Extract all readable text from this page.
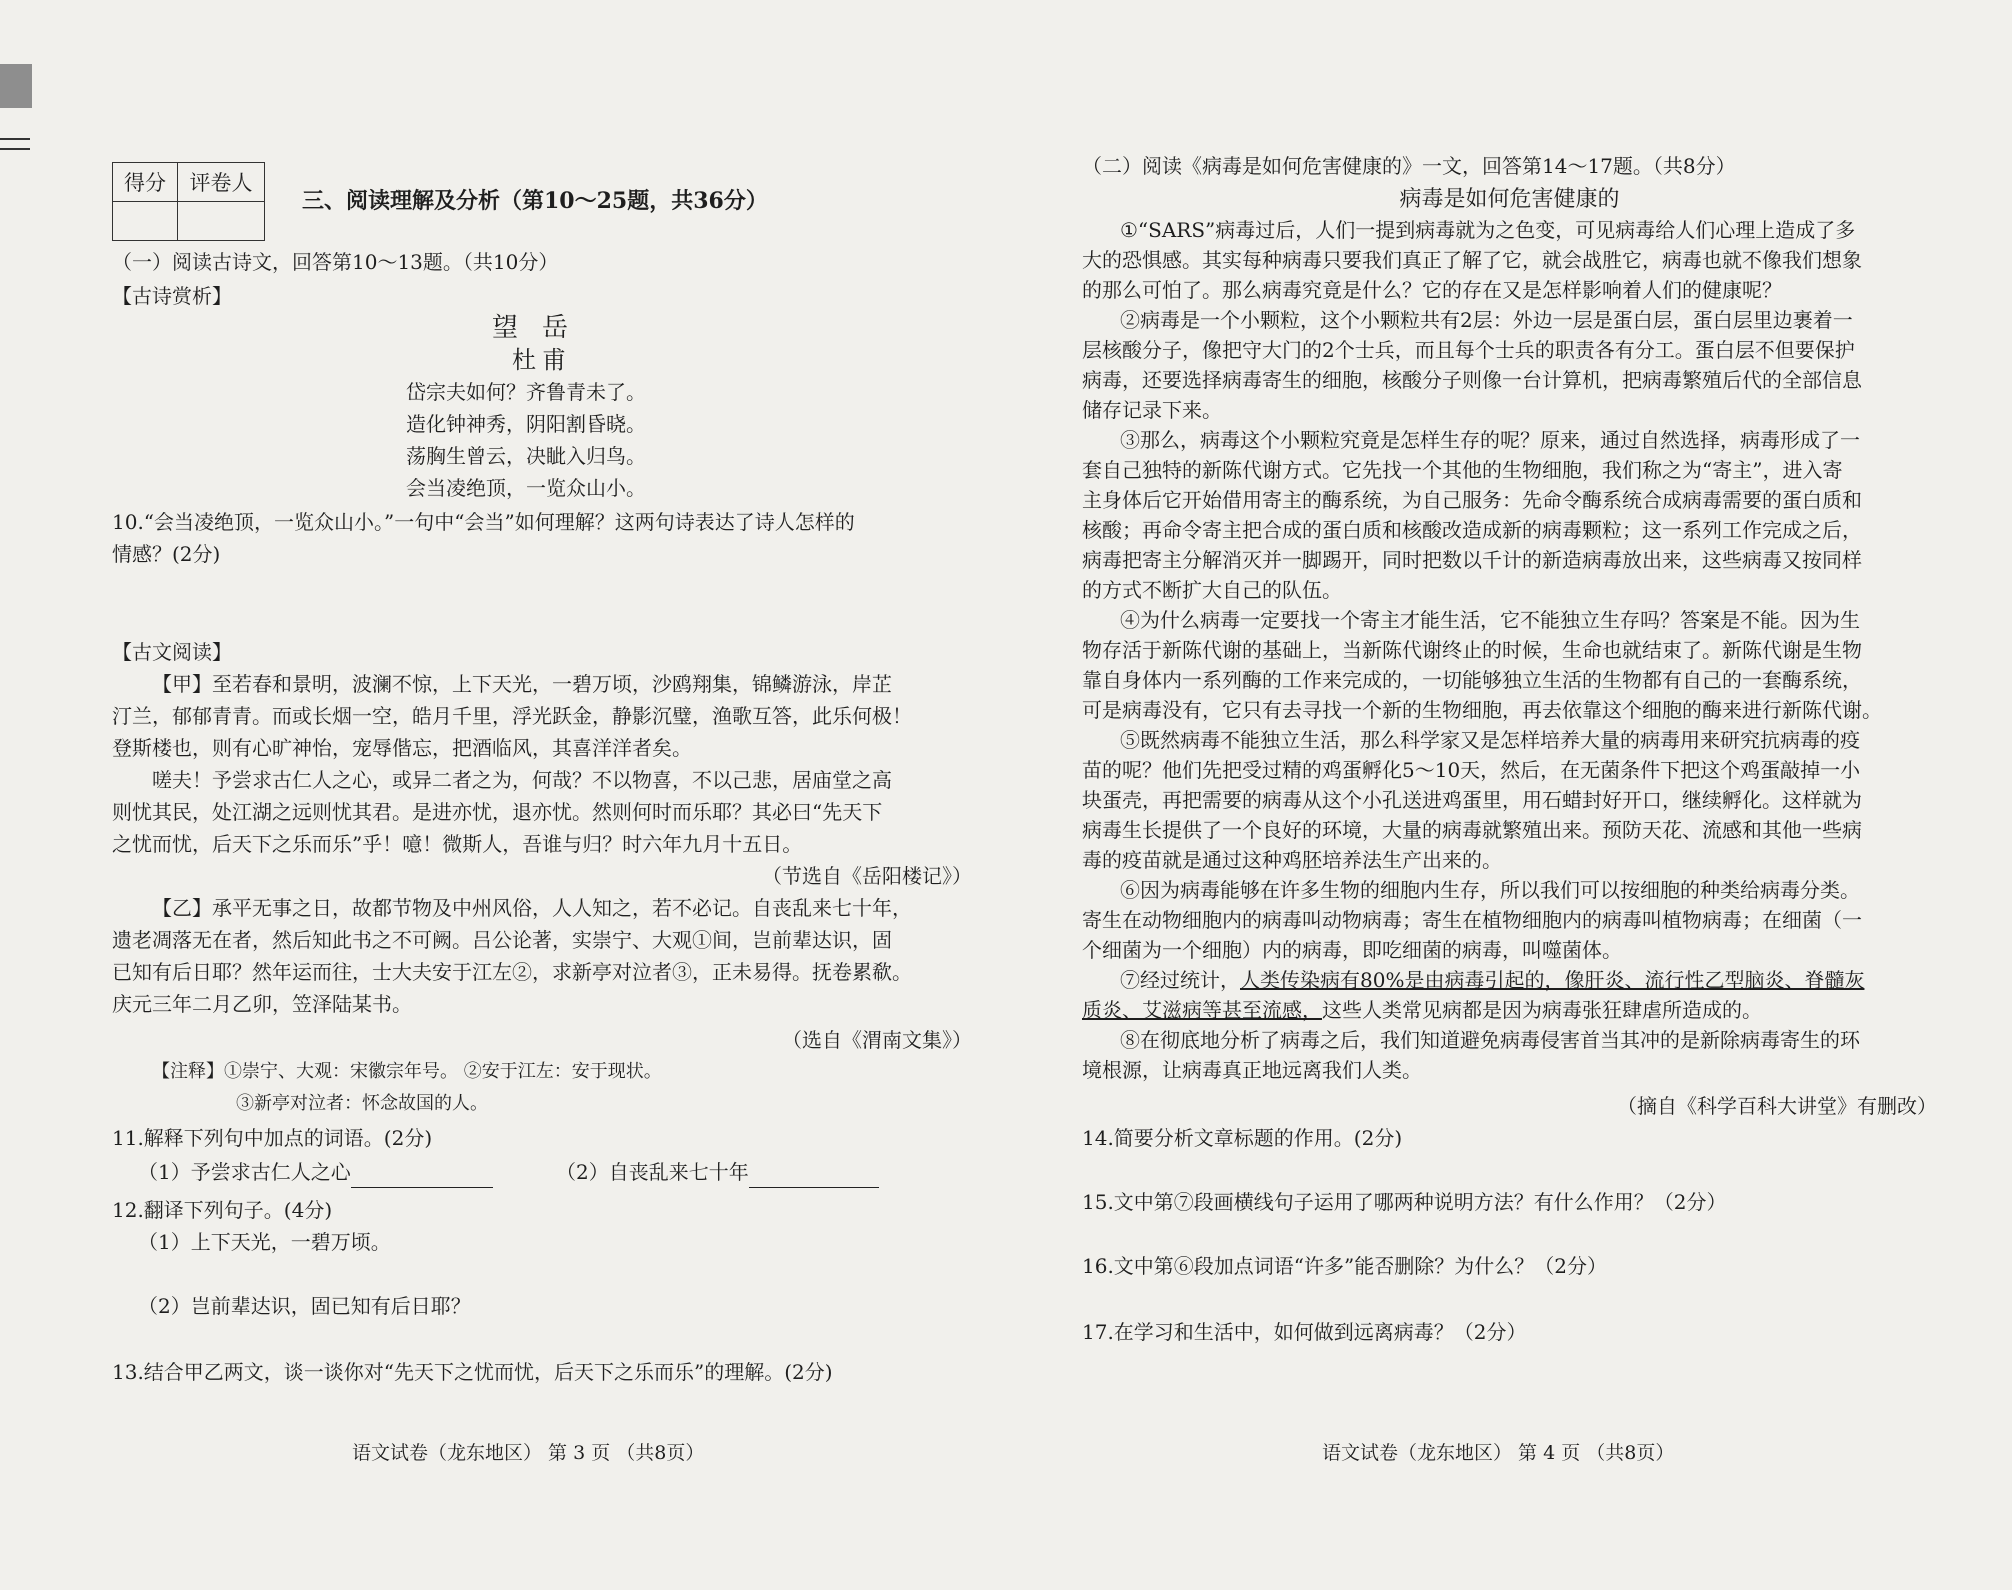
得分	评卷人

三、阅读理解及分析（第10～25题，共36分）
（一）阅读古诗文，回答第10～13题。（共10分）
【古诗赏析】
望岳
杜甫
岱宗夫如何？齐鲁青未了。
造化钟神秀，阴阳割昏晓。
荡胸生曾云，决眦入归鸟。
会当凌绝顶，一览众山小。
10.“会当凌绝顶，一览众山小。”一句中“会当”如何理解？这两句诗表达了诗人怎样的
情感？(2分)
【古文阅读】
【甲】至若春和景明，波澜不惊，上下天光，一碧万顷，沙鸥翔集，锦鳞游泳，岸芷
汀兰，郁郁青青。而或长烟一空，皓月千里，浮光跃金，静影沉璧，渔歌互答，此乐何极！
登斯楼也，则有心旷神怡，宠辱偕忘，把酒临风，其喜洋洋者矣。
嗟夫！予尝求古仁人之心，或异二者之为，何哉？不以物喜，不以己悲，居庙堂之高
则忧其民，处江湖之远则忧其君。是进亦忧，退亦忧。然则何时而乐耶？其必曰“先天下
之忧而忧，后天下之乐而乐”乎！噫！微斯人，吾谁与归？时六年九月十五日。
（节选自《岳阳楼记》）
【乙】承平无事之日，故都节物及中州风俗，人人知之，若不必记。自丧乱来七十年，
遗老凋落无在者，然后知此书之不可阙。吕公论著，实崇宁、大观①间，岂前辈达识，固
已知有后日耶？然年运而往，士大夫安于江左②，求新亭对泣者③，正未易得。抚卷累欷。
庆元三年二月乙卯，笠泽陆某书。
（选自《渭南文集》）
【注释】①崇宁、大观：宋徽宗年号。 ②安于江左：安于现状。
③新亭对泣者：怀念故国的人。
11.解释下列句中加点的词语。(2分)
（1）予尝求古仁人之心	（2）自丧乱来七十年
12.翻译下列句子。(4分)
（1）上下天光，一碧万顷。
（2）岂前辈达识，固已知有后日耶？
13.结合甲乙两文，谈一谈你对“先天下之忧而忧，后天下之乐而乐”的理解。(2分)
语文试卷（龙东地区） 第 3 页 （共8页）
（二）阅读《病毒是如何危害健康的》一文，回答第14～17题。（共8分）
病毒是如何危害健康的
①“SARS”病毒过后，人们一提到病毒就为之色变，可见病毒给人们心理上造成了多
大的恐惧感。其实每种病毒只要我们真正了解了它，就会战胜它，病毒也就不像我们想象
的那么可怕了。那么病毒究竟是什么？它的存在又是怎样影响着人们的健康呢？
②病毒是一个小颗粒，这个小颗粒共有2层：外边一层是蛋白层，蛋白层里边裹着一
层核酸分子，像把守大门的2个士兵，而且每个士兵的职责各有分工。蛋白层不但要保护
病毒，还要选择病毒寄生的细胞，核酸分子则像一台计算机，把病毒繁殖后代的全部信息
储存记录下来。
③那么，病毒这个小颗粒究竟是怎样生存的呢？原来，通过自然选择，病毒形成了一
套自己独特的新陈代谢方式。它先找一个其他的生物细胞，我们称之为“寄主”，进入寄
主身体后它开始借用寄主的酶系统，为自己服务：先命令酶系统合成病毒需要的蛋白质和
核酸；再命令寄主把合成的蛋白质和核酸改造成新的病毒颗粒；这一系列工作完成之后，
病毒把寄主分解消灭并一脚踢开，同时把数以千计的新造病毒放出来，这些病毒又按同样
的方式不断扩大自己的队伍。
④为什么病毒一定要找一个寄主才能生活，它不能独立生存吗？答案是不能。因为生
物存活于新陈代谢的基础上，当新陈代谢终止的时候，生命也就结束了。新陈代谢是生物
靠自身体内一系列酶的工作来完成的，一切能够独立生活的生物都有自己的一套酶系统，
可是病毒没有，它只有去寻找一个新的生物细胞，再去依靠这个细胞的酶来进行新陈代谢。
⑤既然病毒不能独立生活，那么科学家又是怎样培养大量的病毒用来研究抗病毒的疫
苗的呢？他们先把受过精的鸡蛋孵化5～10天，然后，在无菌条件下把这个鸡蛋敲掉一小
块蛋壳，再把需要的病毒从这个小孔送进鸡蛋里，用石蜡封好开口，继续孵化。这样就为
病毒生长提供了一个良好的环境，大量的病毒就繁殖出来。预防天花、流感和其他一些病
毒的疫苗就是通过这种鸡胚培养法生产出来的。
⑥因为病毒能够在许多生物的细胞内生存，所以我们可以按细胞的种类给病毒分类。
寄生在动物细胞内的病毒叫动物病毒；寄生在植物细胞内的病毒叫植物病毒；在细菌（一
个细菌为一个细胞）内的病毒，即吃细菌的病毒，叫噬菌体。
⑦经过统计，人类传染病有80%是由病毒引起的，像肝炎、流行性乙型脑炎、脊髓灰
质炎、艾滋病等甚至流感，这些人类常见病都是因为病毒张狂肆虐所造成的。
⑧在彻底地分析了病毒之后，我们知道避免病毒侵害首当其冲的是新除病毒寄生的环
境根源，让病毒真正地远离我们人类。
（摘自《科学百科大讲堂》有删改）
14.简要分析文章标题的作用。(2分)
15.文中第⑦段画横线句子运用了哪两种说明方法？有什么作用？（2分）
16.文中第⑥段加点词语“许多”能否删除？为什么？（2分）
17.在学习和生活中，如何做到远离病毒？（2分）
语文试卷（龙东地区） 第 4 页 （共8页）
